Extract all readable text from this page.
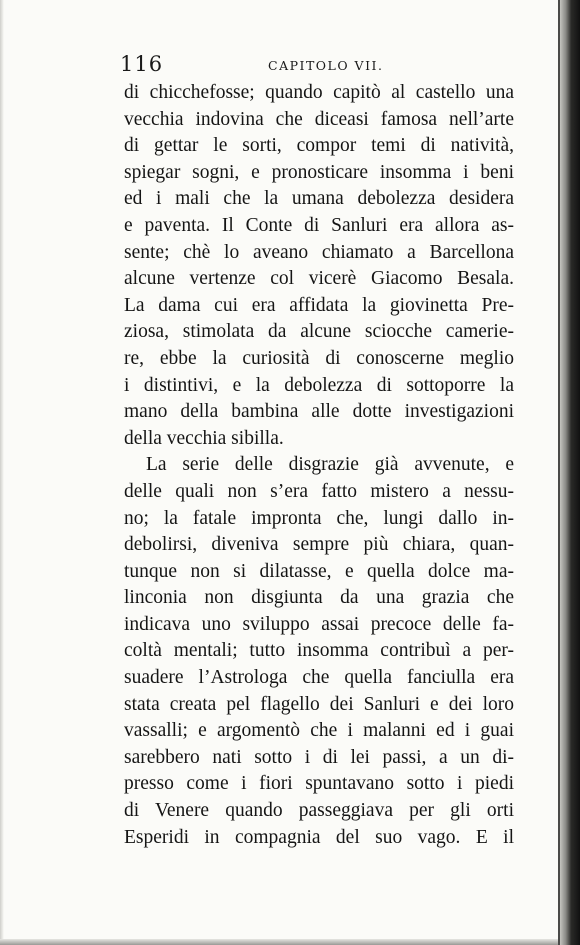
116	CAPITOLO VII.
di chicchefosse; quando capitò al castello una
vecchia indovina che diceasi famosa nell’arte
di gettar le sorti, compor temi di natività,
spiegar sogni, e pronosticare insomma i beni
ed i mali che la umana debolezza desidera
e paventa. Il Conte di Sanluri era allora as-
sente; chè lo aveano chiamato a Barcellona
alcune vertenze col vicerè Giacomo Besala.
La dama cui era affidata la giovinetta Pre-
ziosa, stimolata da alcune sciocche camerie-
re, ebbe la curiosità di conoscerne meglio
i distintivi, e la debolezza di sottoporre la
mano della bambina alle dotte investigazioni
della vecchia sibilla.
La serie delle disgrazie già avvenute, e
delle quali non s’era fatto mistero a nessu-
no; la fatale impronta che, lungi dallo in-
debolirsi, diveniva sempre più chiara, quan-
tunque non si dilatasse, e quella dolce ma-
linconia non disgiunta da una grazia che
indicava uno sviluppo assai precoce delle fa-
coltà mentali; tutto insomma contribuì a per-
suadere l’Astrologa che quella fanciulla era
stata creata pel flagello dei Sanluri e dei loro
vassalli; e argomentò che i malanni ed i guai
sarebbero nati sotto i di lei passi, a un di-
presso come i fiori spuntavano sotto i piedi
di Venere quando passeggiava per gli orti
Esperidi in compagnia del suo vago. E il
